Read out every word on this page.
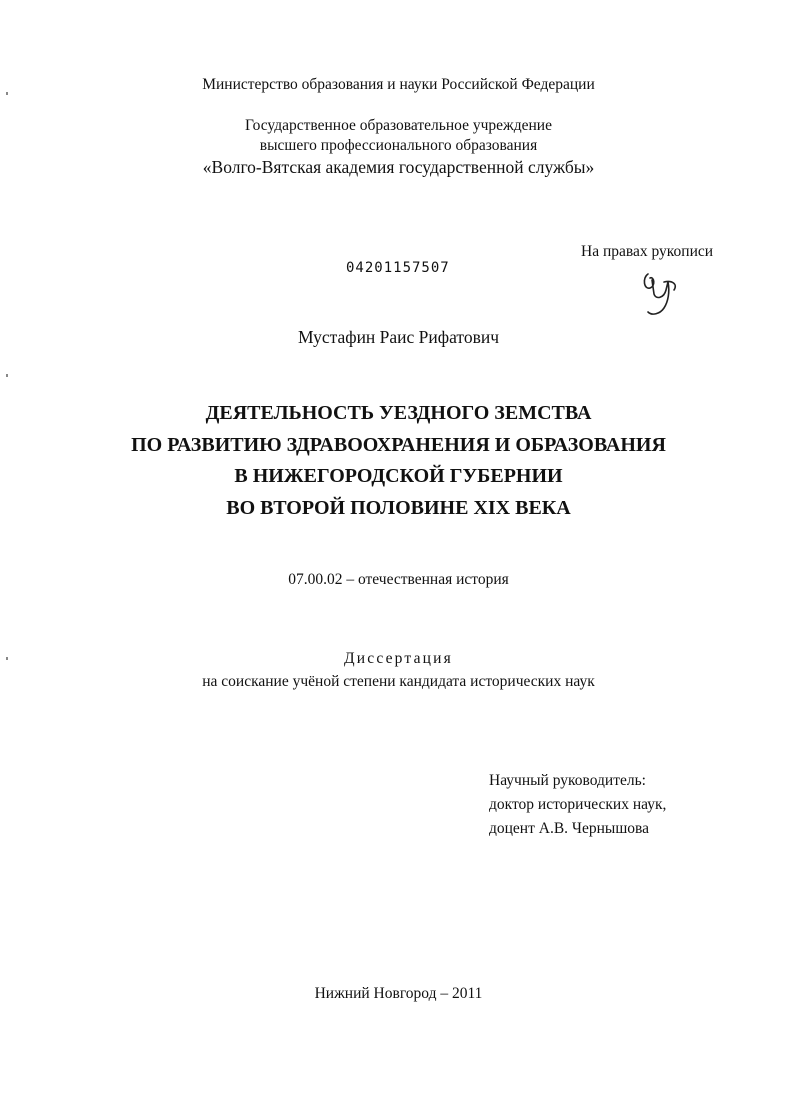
Министерство образования и науки Российской Федерации
Государственное образовательное учреждение
высшего профессионального образования
«Волго-Вятская академия государственной службы»
На правах рукописи
04201157507
Мустафин Раис Рифатович
ДЕЯТЕЛЬНОСТЬ УЕЗДНОГО ЗЕМСТВА
ПО РАЗВИТИЮ ЗДРАВООХРАНЕНИЯ И ОБРАЗОВАНИЯ
В НИЖЕГОРОДСКОЙ ГУБЕРНИИ
ВО ВТОРОЙ ПОЛОВИНЕ XIX ВЕКА
07.00.02 – отечественная история
Диссертация
на соискание учёной степени кандидата исторических наук
Научный руководитель:
доктор исторических наук,
доцент А.В. Чернышова
Нижний Новгород – 2011
